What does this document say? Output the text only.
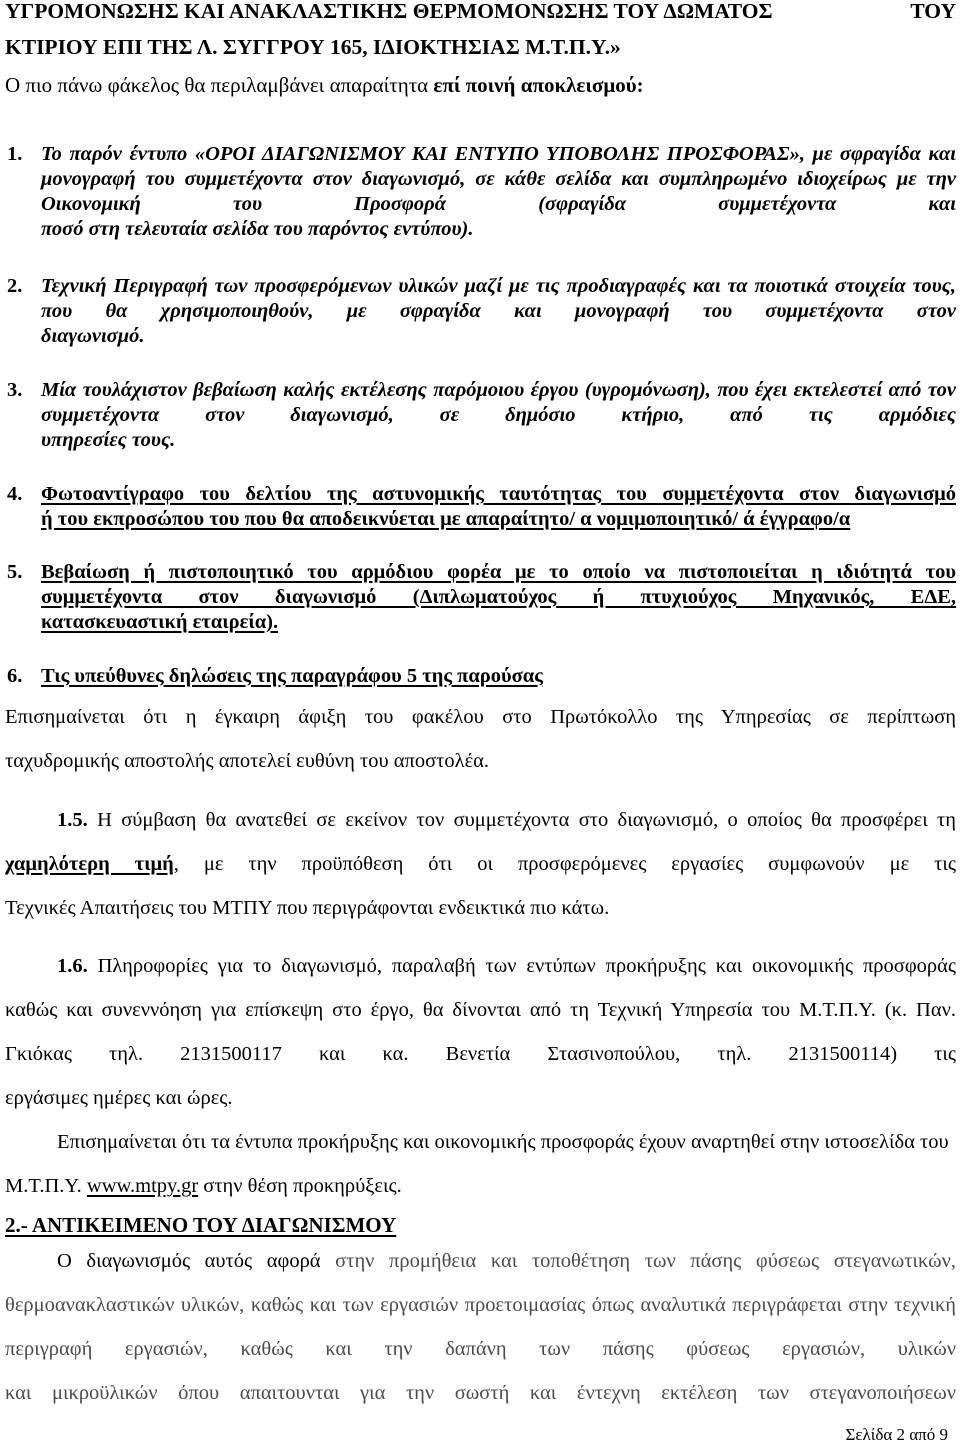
ΥΓΡΟΜΟΝΩΣΗΣ ΚΑΙ ΑΝΑΚΛΑΣΤΙΚΗΣ ΘΕΡΜΟΜΟΝΩΣΗΣ ΤΟΥ ΔΩΜΑΤΟΣ	ΤΟΥ
ΚΤΙΡΙΟΥ ΕΠΙ ΤΗΣ Λ. ΣΥΓΓΡΟΥ 165, ΙΔΙΟΚΤΗΣΙΑΣ Μ.Τ.Π.Υ.»
Ο πιο πάνω φάκελος θα περιλαμβάνει απαραίτητα επί ποινή αποκλεισμού:
1. Το παρόν έντυπο «ΟΡΟΙ ΔΙΑΓΩΝΙΣΜΟΥ ΚΑΙ ΕΝΤΥΠΟ ΥΠΟΒΟΛΗΣ ΠΡΟΣΦΟΡΑΣ», με σφραγίδα και μονογραφή του συμμετέχοντα στον διαγωνισμό, σε κάθε σελίδα και συμπληρωμένο ιδιοχείρως με την Οικονομική του Προσφορά (σφραγίδα συμμετέχοντα και
ποσό στη τελευταία σελίδα του παρόντος εντύπου).
2. Τεχνική Περιγραφή των προσφερόμενων υλικών μαζί με τις προδιαγραφές και τα ποιοτικά στοιχεία τους, που θα χρησιμοποιηθούν, με σφραγίδα και μονογραφή του συμμετέχοντα στον
διαγωνισμό.
3. Μία τουλάχιστον βεβαίωση καλής εκτέλεσης παρόμοιου έργου (υγρομόνωση), που έχει εκτελεστεί από τον συμμετέχοντα στον διαγωνισμό, σε δημόσιο κτήριο, από τις αρμόδιες
υπηρεσίες τους.
4. Φωτοαντίγραφο του δελτίου της αστυνομικής ταυτότητας του συμμετέχοντα στον διαγωνισμό
ή του εκπροσώπου του που θα αποδεικνύεται με απαραίτητο/ α νομιμοποιητικό/ ά έγγραφο/α
5. Βεβαίωση ή πιστοποιητικό του αρμόδιου φορέα με το οποίο να πιστοποιείται η ιδιότητά του συμμετέχοντα στον διαγωνισμό (Διπλωματούχος ή πτυχιούχος Μηχανικός, ΕΔΕ,
κατασκευαστική εταιρεία).
6. Τις υπεύθυνες δηλώσεις της παραγράφου 5 της παρούσας
Επισημαίνεται ότι η έγκαιρη άφιξη του φακέλου στο Πρωτόκολλο της Υπηρεσίας σε περίπτωση
ταχυδρομικής αποστολής αποτελεί ευθύνη του αποστολέα.
1.5. Η σύμβαση θα ανατεθεί σε εκείνον τον συμμετέχοντα στο διαγωνισμό, ο οποίος θα προσφέρει τη χαμηλότερη τιμή, με την προϋπόθεση ότι οι προσφερόμενες εργασίες συμφωνούν με τις
Τεχνικές Απαιτήσεις του ΜΤΠΥ που περιγράφονται ενδεικτικά πιο κάτω.
1.6. Πληροφορίες για το διαγωνισμό, παραλαβή των εντύπων προκήρυξης και οικονομικής προσφοράς καθώς και συνεννόηση για επίσκεψη στο έργο, θα δίνονται από τη Τεχνική Υπηρεσία του Μ.Τ.Π.Υ. (κ. Παν. Γκιόκας τηλ. 2131500117 και κα. Βενετία Στασινοπούλου, τηλ. 2131500114) τις
εργάσιμες ημέρες και ώρες.
Επισημαίνεται ότι τα έντυπα προκήρυξης και οικονομικής προσφοράς έχουν αναρτηθεί στην ιστοσελίδα του Μ.Τ.Π.Υ. www.mtpy.gr στην θέση προκηρύξεις.
2.- ΑΝΤΙΚΕΙΜΕΝΟ ΤΟΥ ΔΙΑΓΩΝΙΣΜΟΥ
Ο διαγωνισμός αυτός αφορά στην προμήθεια και τοποθέτηση των πάσης φύσεως στεγανωτικών, θερμοανακλαστικών υλικών, καθώς και των εργασιών προετοιμασίας όπως αναλυτικά περιγράφεται στην τεχνική περιγραφή εργασιών, καθώς και την δαπάνη των πάσης φύσεως εργασιών, υλικών
και μικροϋλικών όπου απαιτουνται για την σωστή και έντεχνη εκτέλεση των στεγανοποιήσεων
Σελίδα 2 από 9
